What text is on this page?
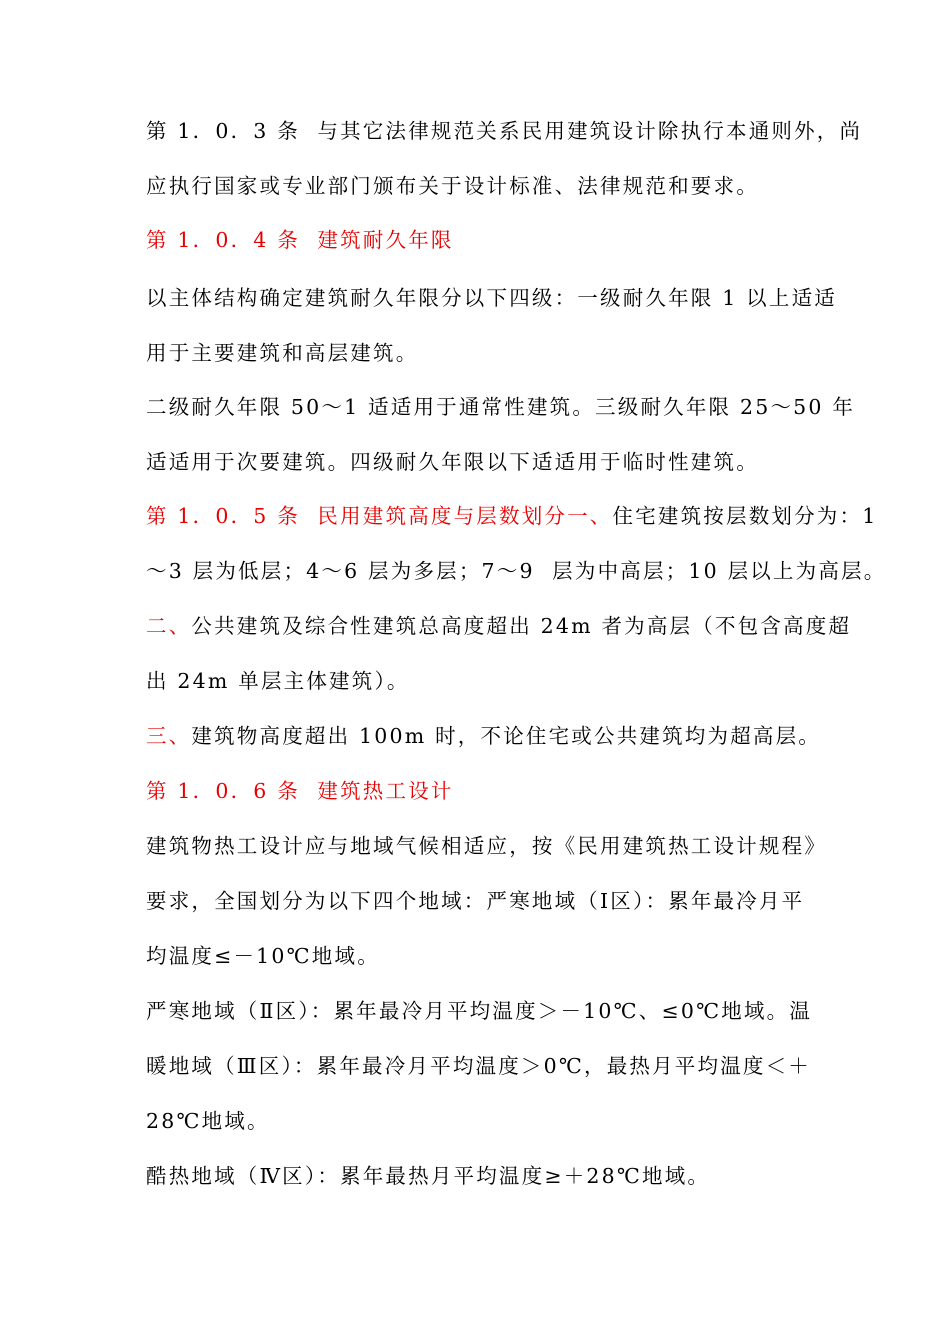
第 1．0．3 条  与其它法律规范关系民用建筑设计除执行本通则外，尚
应执行国家或专业部门颁布关于设计标准、法律规范和要求。
第 1．0．4 条  建筑耐久年限
以主体结构确定建筑耐久年限分以下四级：一级耐久年限 1 以上适适
用于主要建筑和高层建筑。
二级耐久年限 50～1 适适用于通常性建筑。三级耐久年限 25～50 年
适适用于次要建筑。四级耐久年限以下适适用于临时性建筑。
第 1．0．5 条  民用建筑高度与层数划分一、住宅建筑按层数划分为：1
～3 层为低层；4～6 层为多层；7～9  层为中高层；10 层以上为高层。
二、公共建筑及综合性建筑总高度超出 24m 者为高层（不包含高度超
出 24m 单层主体建筑）。
三、建筑物高度超出 100m 时，不论住宅或公共建筑均为超高层。
第 1．0．6 条  建筑热工设计
建筑物热工设计应与地域气候相适应，按《民用建筑热工设计规程》
要求，全国划分为以下四个地域：严寒地域（Ⅰ区）：累年最冷月平
均温度≤－10℃地域。
严寒地域（Ⅱ区）：累年最冷月平均温度＞－10℃、≤0℃地域。温
暖地域（Ⅲ区）：累年最冷月平均温度＞0℃，最热月平均温度＜＋
28℃地域。
酷热地域（Ⅳ区）：累年最热月平均温度≥＋28℃地域。
